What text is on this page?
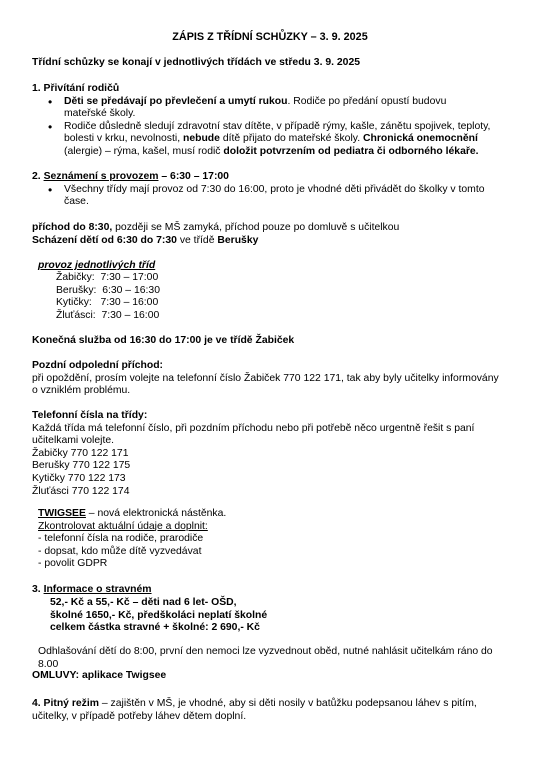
ZÁPIS Z TŘÍDNÍ SCHŮZKY – 3. 9. 2025
Třídní schůzky se konají v jednotlivých třídách ve středu 3. 9. 2025
1. Přivítání rodičů
• Děti se předávají po převlečení a umytí rukou. Rodiče po předání opustí budovu mateřské školy.
• Rodiče důsledně sledují zdravotní stav dítěte, v případě rýmy, kašle, zánětu spojivek, teploty, bolesti v krku, nevolnosti, nebude dítě přijato do mateřské školy. Chronická onemocnění (alergie) – rýma, kašel, musí rodič doložit potvrzením od pediatra či odborného lékaře.
2. Seznámení s provozem – 6:30 – 17:00
• Všechny třídy mají provoz od 7:30 do 16:00, proto je vhodné děti přivádět do školky v tomto čase.
příchod do 8:30, později se MŠ zamyká, příchod pouze po domluvě s učitelkou
Scházení dětí od 6:30 do 7:30 ve třídě Berušky
provoz jednotlivých tříd
Žabičky:  7:30 – 17:00
Berušky:  6:30 – 16:30
Kytičky:   7:30 – 16:00
Žluťásci:  7:30 – 16:00
Konečná služba od 16:30 do 17:00 je ve třídě Žabiček
Pozdní odpolední příchod:
při opoždění, prosím volejte na telefonní číslo Žabiček 770 122 171, tak aby byly učitelky informovány o vzniklém problému.
Telefonní čísla na třídy:
Každá třída má telefonní číslo, při pozdním příchodu nebo při potřebě něco urgentně řešit s paní učitelkami volejte.
Žabičky 770 122 171
Berušky 770 122 175
Kytičky 770 122 173
Žluťásci 770 122 174
TWIGSEE – nová elektronická nástěnka.
Zkontrolovat aktuální údaje a doplnit:
- telefonní čísla na rodiče, prarodiče
- dopsat, kdo může dítě vyzvedávat
- povolit GDPR
3. Informace o stravném
52,- Kč a 55,- Kč – děti nad 6 let- OŠD,
školné 1650,- Kč, předškoláci neplatí školné
celkem částka stravné + školné: 2 690,- Kč
Odhlašování dětí do 8:00, první den nemoci lze vyzvednout oběd, nutné nahlásit učitelkám ráno do 8.00
OMLUVY: aplikace Twigsee
4. Pitný režim – zajištěn v MŠ, je vhodné, aby si děti nosily v batůžku podepsanou láhev s pitím, učitelky, v případě potřeby láhev dětem doplní.
